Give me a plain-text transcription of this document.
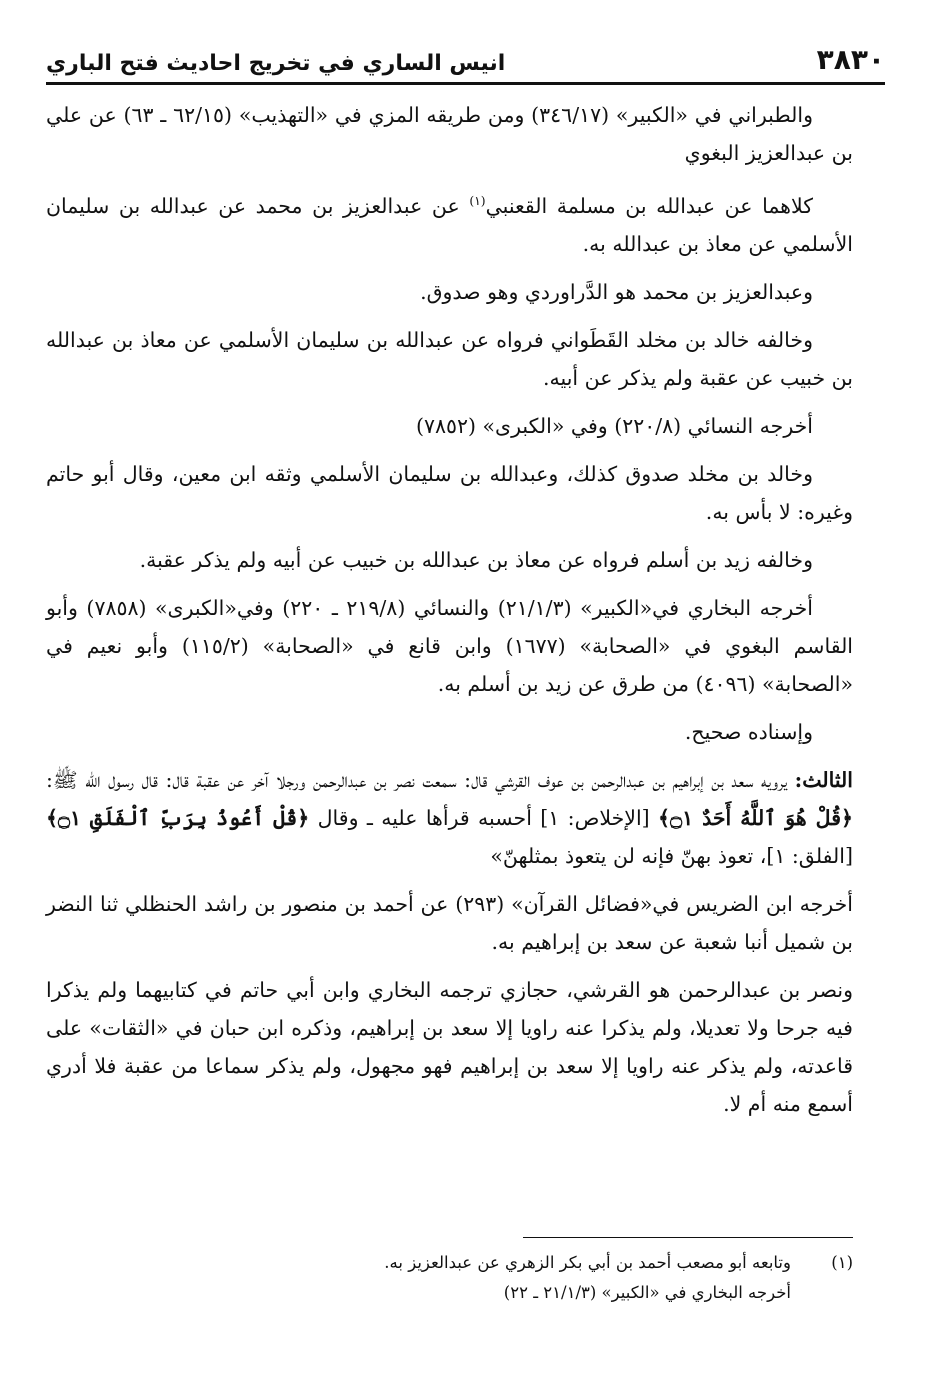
٣٨٣٠
انيس الساري في تخريج احاديث فتح الباري

والطبراني في «الكبير» (٣٤٦/١٧) ومن طريقه المزي في «التهذيب» (٦٢/١٥ ـ ٦٣) عن علي بن عبدالعزيز البغوي

كلاهما عن عبدالله بن مسلمة القعنبي$^{(١)}$ عن عبدالعزيز بن محمد عن عبدالله بن سليمان الأسلمي عن معاذ بن عبدالله به.

وعبدالعزيز بن محمد هو الدَّراوردي وهو صدوق.

وخالفه خالد بن مخلد القَطَواني فرواه عن عبدالله بن سليمان الأسلمي عن معاذ بن عبدالله بن خبيب عن عقبة ولم يذكر عن أبيه.

أخرجه النسائي (٢٢٠/٨) وفي «الكبرى» (٧٨٥٢)

وخالد بن مخلد صدوق كذلك، وعبدالله بن سليمان الأسلمي وثقه ابن معين، وقال أبو حاتم وغيره: لا بأس به.

وخالفه زيد بن أسلم فرواه عن معاذ بن عبدالله بن خبيب عن أبيه ولم يذكر عقبة.

أخرجه البخاري في«الكبير» (٢١/١/٣) والنسائي (٢١٩/٨ ـ ٢٢٠) وفي«الكبرى» (٧٨٥٨) وأبو القاسم البغوي في «الصحابة» (١٦٧٧) وابن قانع في «الصحابة» (١١٥/٢) وأبو نعيم في «الصحابة» (٤٠٩٦) من طرق عن زيد بن أسلم به.

وإسناده صحيح.

الثالث: يرويه سعد بن إبراهيم بن عبدالرحمن بن عوف القرشي قال: سمعت نصر بن عبدالرحمن ورجلا آخر عن عقبة قال: قال رسول الله ﷺ: ﴿قُلْ هُوَ ٱللَّهُ أَحَدٌ ۝١﴾ [الإخلاص: ١] أحسبه قرأها عليه ـ وقال ﴿قُلْ أَعُوذُ بِرَبِّ ٱلْفَلَقِ ۝١﴾ [الفلق: ١]، تعوذ بهنّ فإنه لن يتعوذ بمثلهنّ»

أخرجه ابن الضريس في«فضائل القرآن» (٢٩٣) عن أحمد بن منصور بن راشد الحنظلي ثنا النضر بن شميل أنبا شعبة عن سعد بن إبراهيم به.

ونصر بن عبدالرحمن هو القرشي، حجازي ترجمه البخاري وابن أبي حاتم في كتابيهما ولم يذكرا فيه جرحا ولا تعديلا، ولم يذكرا عنه راويا إلا سعد بن إبراهيم، وذكره ابن حبان في «الثقات» على قاعدته، ولم يذكر عنه راويا إلا سعد بن إبراهيم فهو مجهول، ولم يذكر سماعا من عقبة فلا أدري أسمع منه أم لا.

(١)
وتابعه أبو مصعب أحمد بن أبي بكر الزهري عن عبدالعزيز به.
أخرجه البخاري في «الكبير» (٢١/١/٣ ـ ٢٢)
